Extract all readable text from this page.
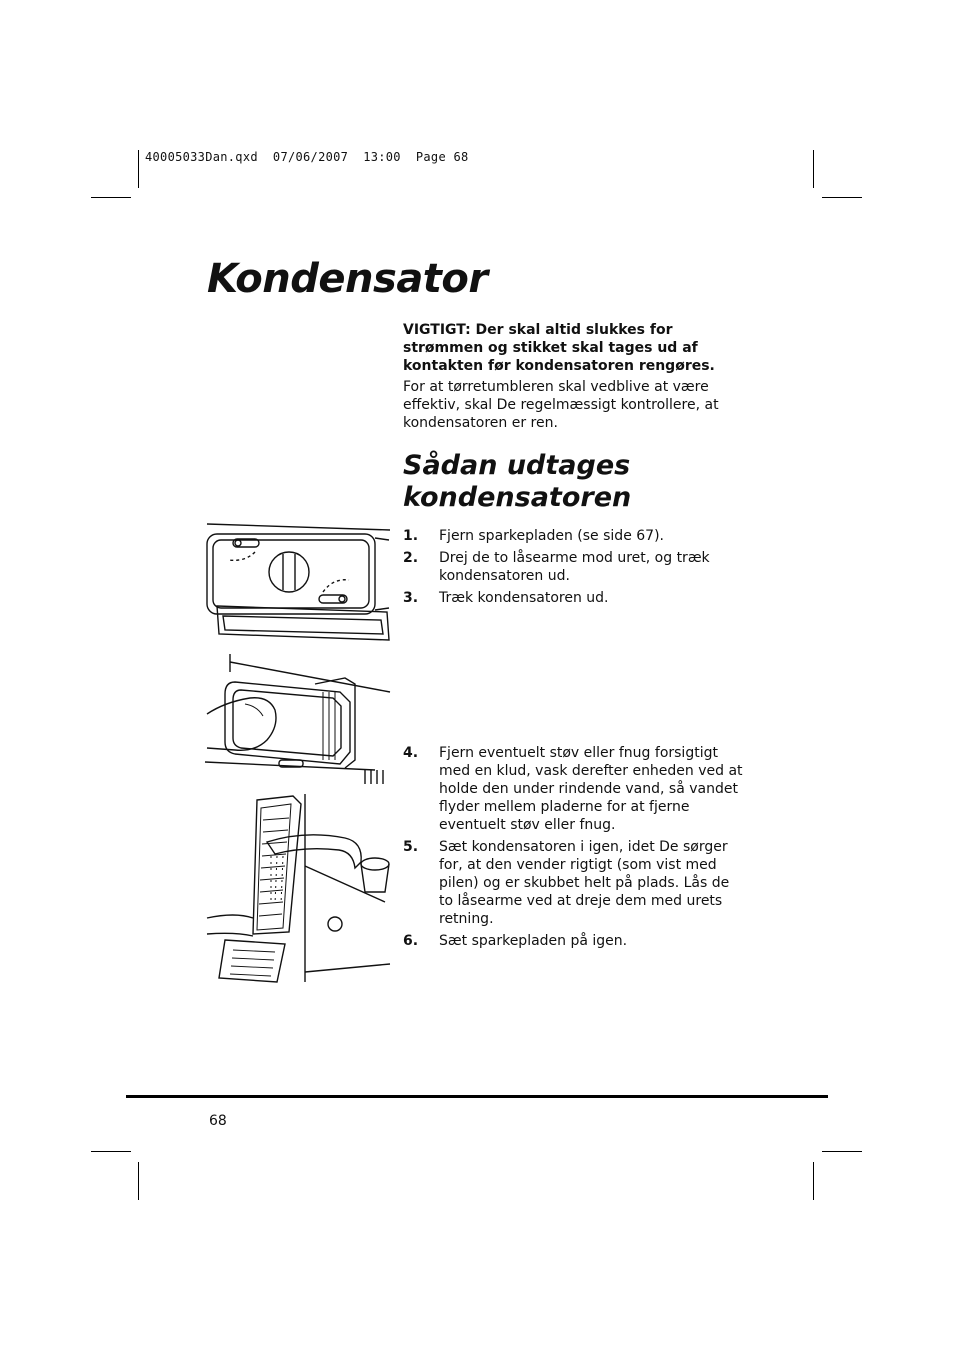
40005033Dan.qxd  07/06/2007  13:00  Page 68
Kondensator

VIGTIGT: Der skal altid slukkes for strømmen og stikket skal tages ud af kontakten før kondensatoren rengøres.

For at tørretumbleren skal vedblive at være effektiv, skal De regelmæssigt kontrollere, at kondensatoren er ren.

Sådan udtages kondensatoren
1.	Fjern sparkepladen (se side 67).
2.	Drej de to låsearme mod uret, og træk kondensatoren ud.
3.	Træk kondensatoren ud.
4.	Fjern eventuelt støv eller fnug forsigtigt med en klud, vask derefter enheden ved at holde den under rindende vand, så vandet flyder mellem pladerne for at fjerne eventuelt støv eller fnug.
5.	Sæt kondensatoren i igen, idet De sørger for, at den vender rigtigt (som vist med pilen) og er skubbet helt på plads. Lås de to låsearme ved at dreje dem med urets retning.
6.	Sæt sparkepladen på igen.
68
